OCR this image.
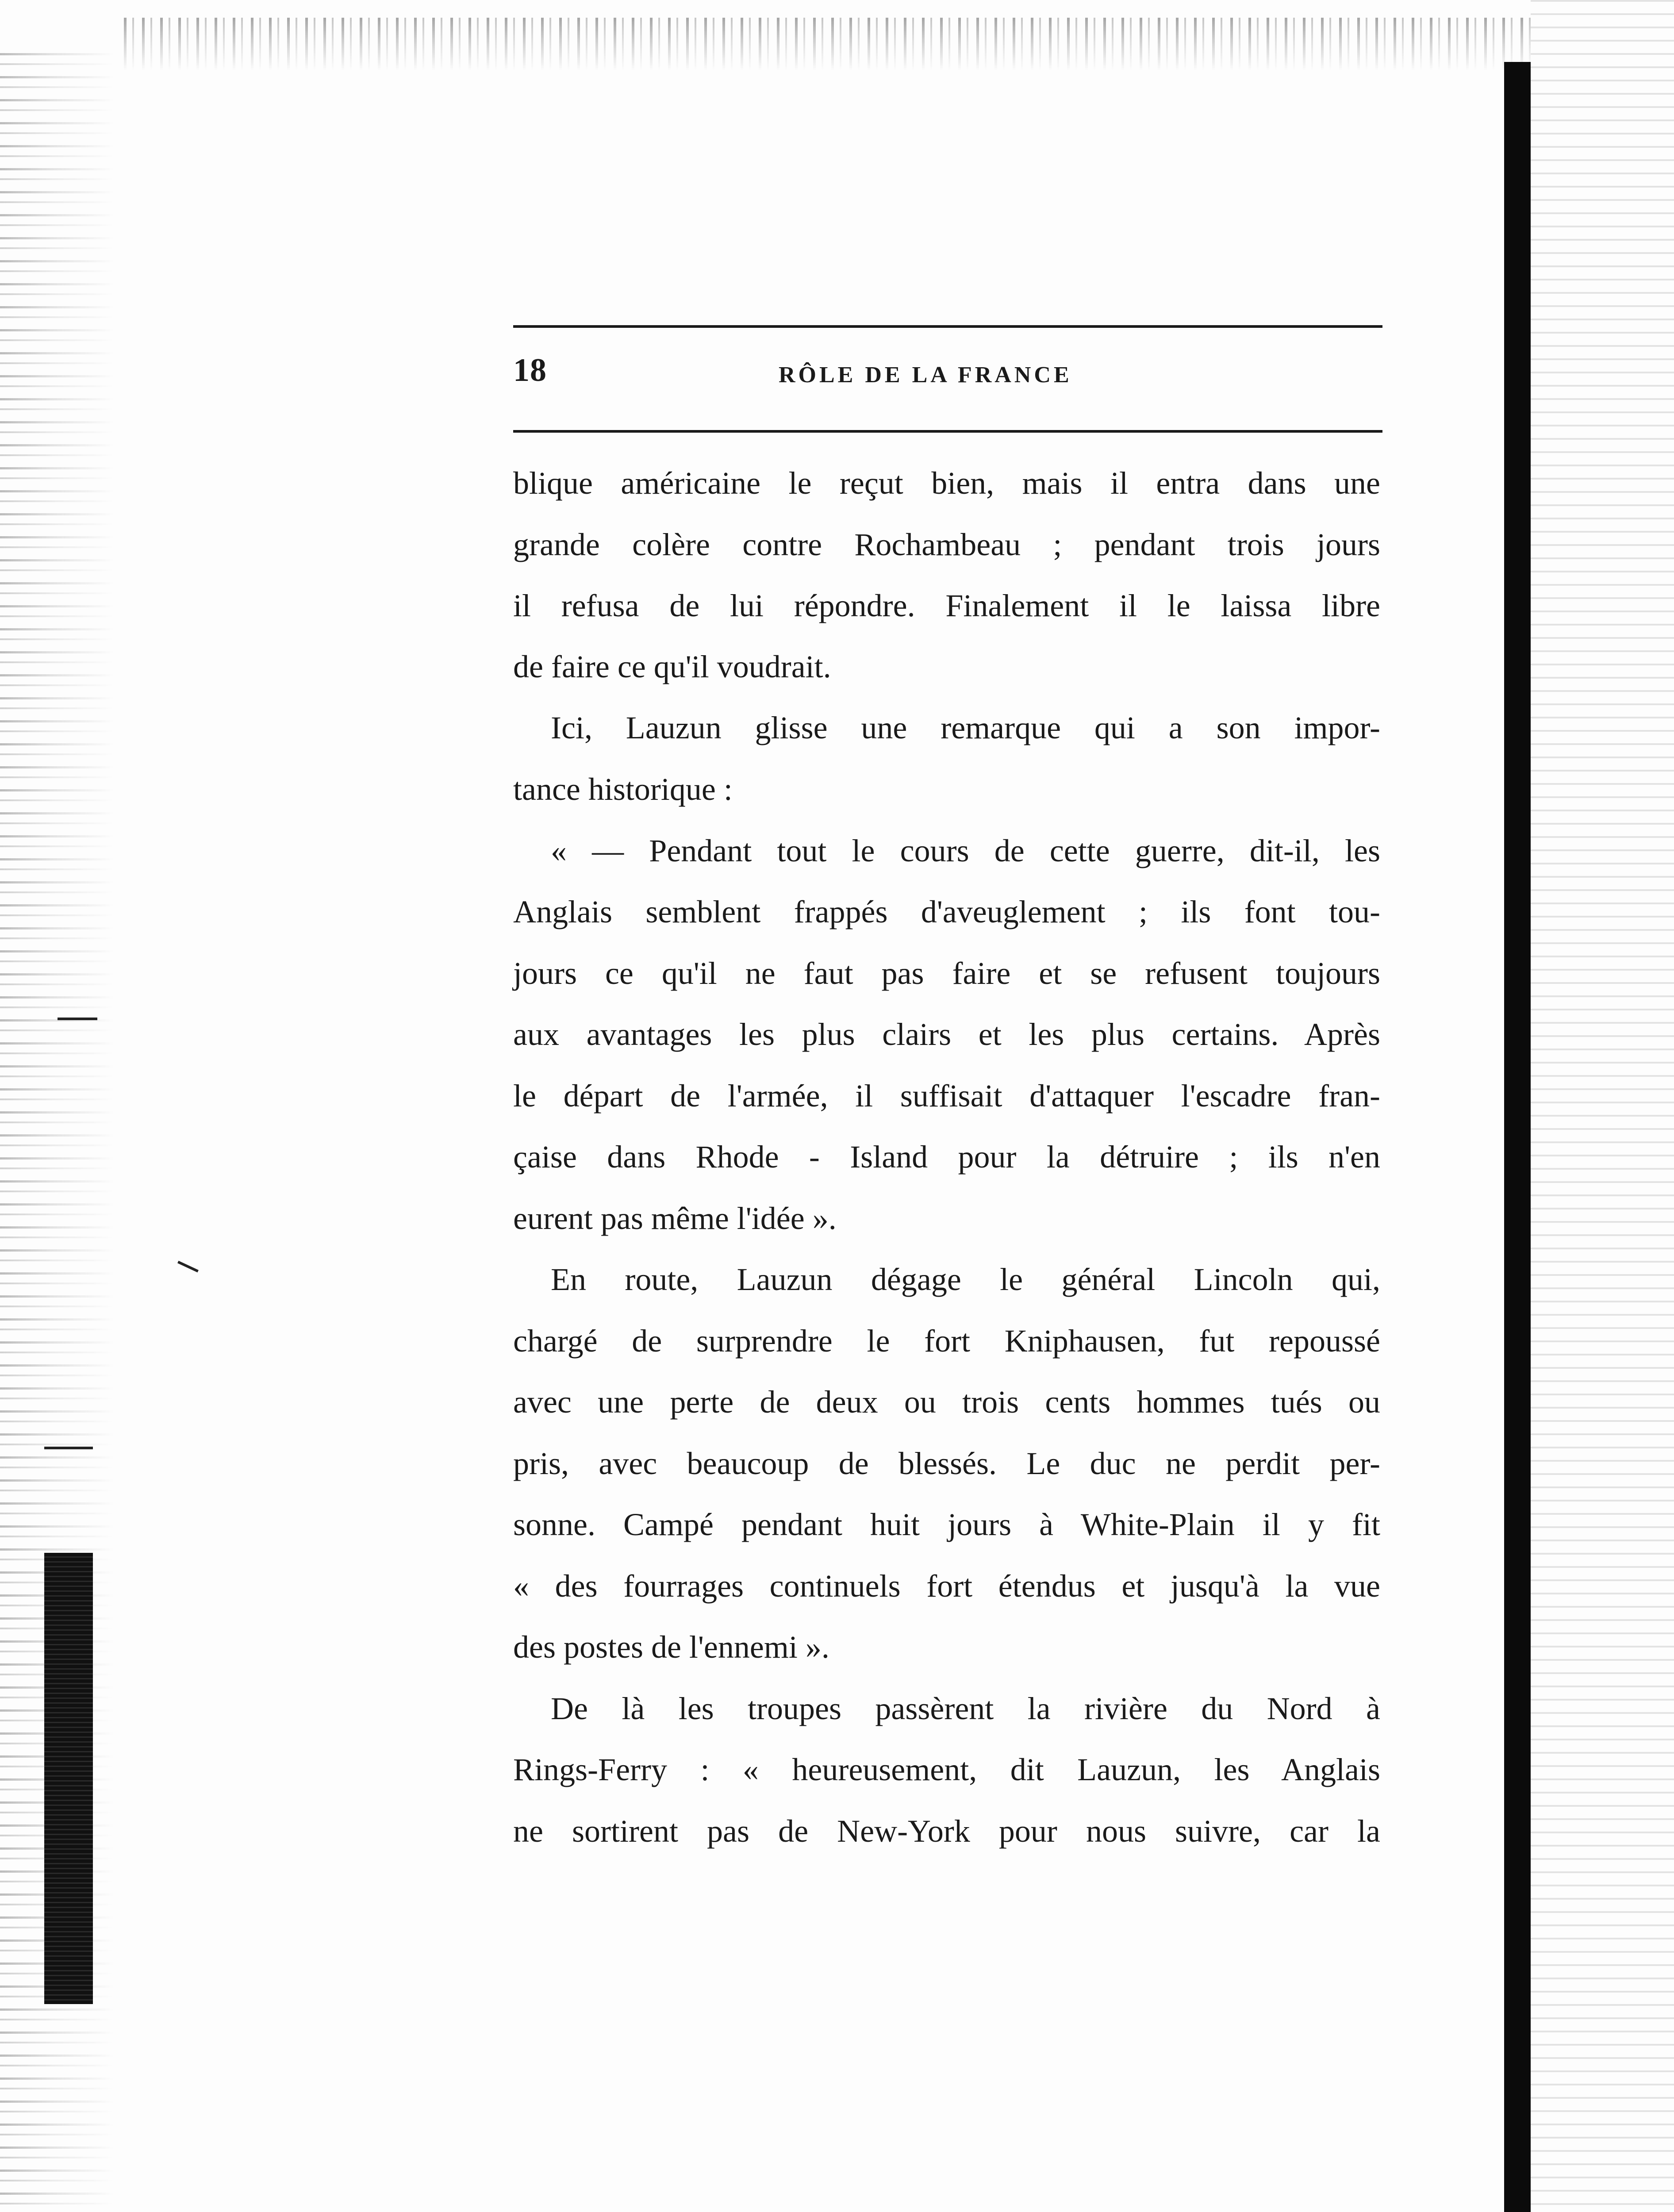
18	RÔLE DE LA FRANCE
blique américaine le reçut bien, mais il entra dans une
grande colère contre Rochambeau ; pendant trois jours
il refusa de lui répondre. Finalement il le laissa libre
de faire ce qu'il voudrait.
Ici, Lauzun glisse une remarque qui a son impor-
tance historique :
« — Pendant tout le cours de cette guerre, dit-il, les
Anglais semblent frappés d'aveuglement ; ils font tou-
jours ce qu'il ne faut pas faire et se refusent toujours
aux avantages les plus clairs et les plus certains. Après
le départ de l'armée, il suffisait d'attaquer l'escadre fran-
çaise dans Rhode - Island pour la détruire ; ils n'en
eurent pas même l'idée ».
En route, Lauzun dégage le général Lincoln qui,
chargé de surprendre le fort Kniphausen, fut repoussé
avec une perte de deux ou trois cents hommes tués ou
pris, avec beaucoup de blessés. Le duc ne perdit per-
sonne. Campé pendant huit jours à White-Plain il y fit
« des fourrages continuels fort étendus et jusqu'à la vue
des postes de l'ennemi ».
De là les troupes passèrent la rivière du Nord à
Rings-Ferry : « heureusement, dit Lauzun, les Anglais
ne sortirent pas de New-York pour nous suivre, car la
